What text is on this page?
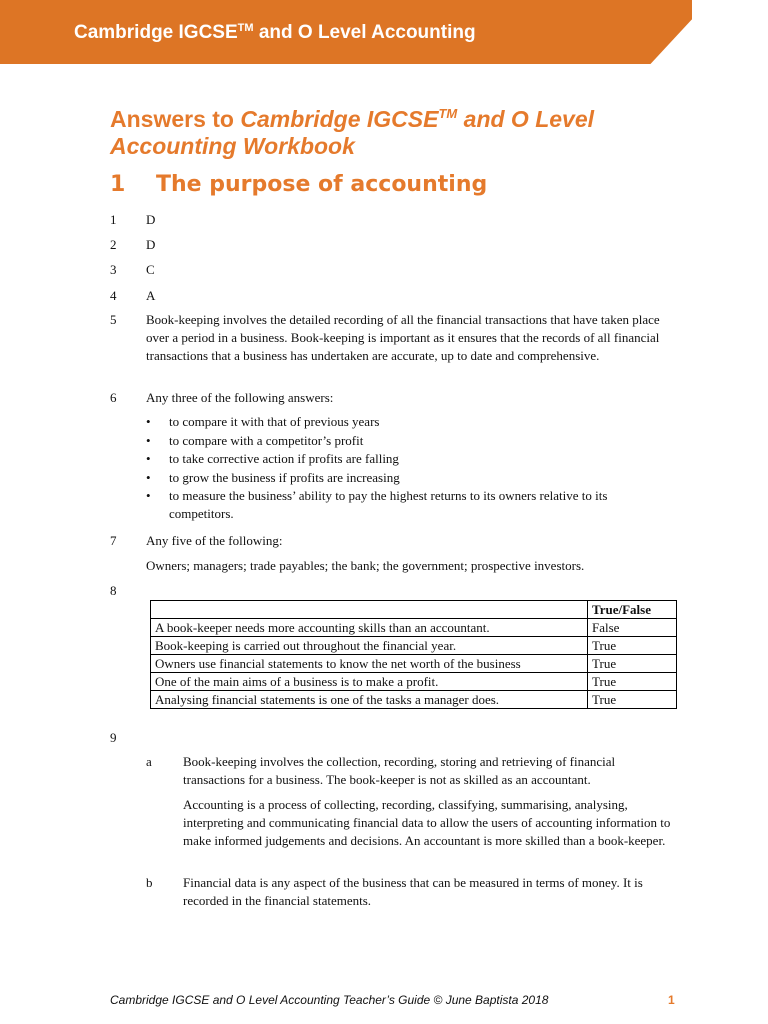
Cambridge IGCSE™ and O Level Accounting
Answers to Cambridge IGCSE™ and O Level Accounting Workbook
1 The purpose of accounting
1 D
2 D
3 C
4 A
5 Book-keeping involves the detailed recording of all the financial transactions that have taken place over a period in a business. Book-keeping is important as it ensures that the records of all financial transactions that a business has undertaken are accurate, up to date and comprehensive.
6 Any three of the following answers:
• to compare it with that of previous years
• to compare with a competitor’s profit
• to take corrective action if profits are falling
• to grow the business if profits are increasing
• to measure the business’ ability to pay the highest returns to its owners relative to its competitors.
7 Any five of the following:
Owners; managers; trade payables; the bank; the government; prospective investors.
8
	True/False
A book-keeper needs more accounting skills than an accountant.	False
Book-keeping is carried out throughout the financial year.	True
Owners use financial statements to know the net worth of the business	True
One of the main aims of a business is to make a profit.	True
Analysing financial statements is one of the tasks a manager does.	True
9
a Book-keeping involves the collection, recording, storing and retrieving of financial transactions for a business. The book-keeper is not as skilled as an accountant.
Accounting is a process of collecting, recording, classifying, summarising, analysing, interpreting and communicating financial data to allow the users of accounting information to make informed judgements and decisions. An accountant is more skilled than a book-keeper.
b Financial data is any aspect of the business that can be measured in terms of money. It is recorded in the financial statements.
Cambridge IGCSE and O Level Accounting Teacher’s Guide © June Baptista 2018	1
